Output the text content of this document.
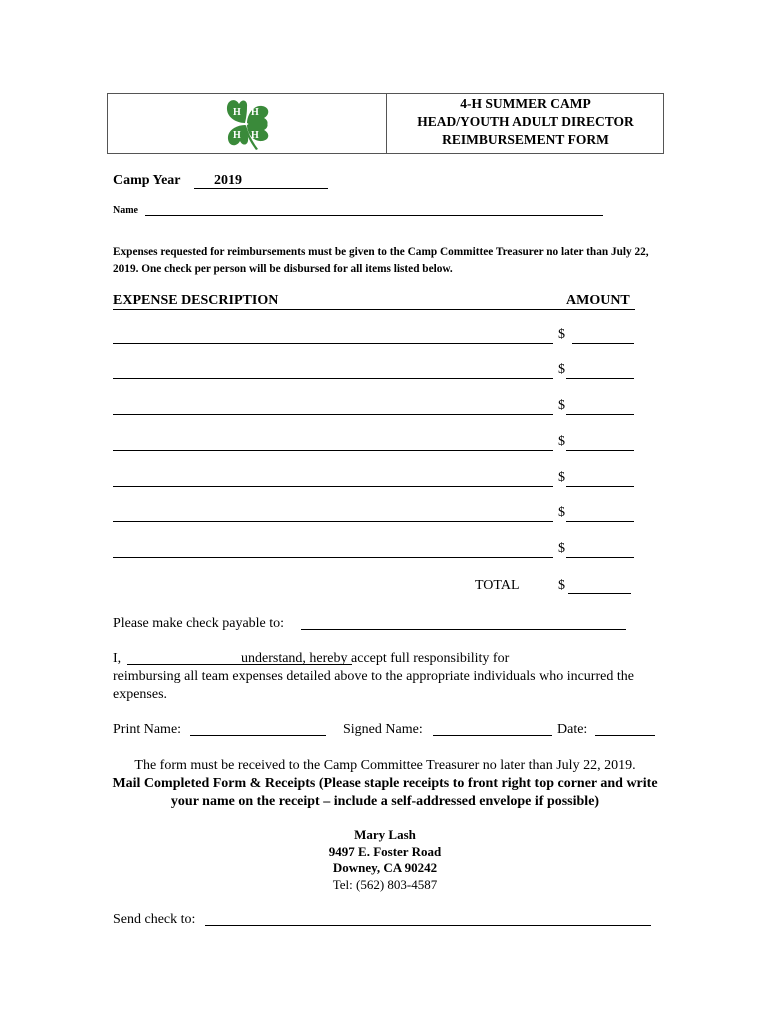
H H
H H
4-H SUMMER CAMP
HEAD/YOUTH ADULT DIRECTOR
REIMBURSEMENT FORM
Camp Year 2019
Name
Expenses requested for reimbursements must be given to the Camp Committee Treasurer no later than July 22, 2019. One check per person will be disbursed for all items listed below.
EXPENSE DESCRIPTION	AMOUNT
$
$
$
$
$
$
$
TOTAL	$
Please make check payable to:
I,	understand, hereby accept full responsibility for
reimbursing all team expenses detailed above to the appropriate individuals who incurred the expenses.
Print Name:	Signed Name:	Date:
The form must be received to the Camp Committee Treasurer no later than July 22, 2019.
Mail Completed Form & Receipts (Please staple receipts to front right top corner and write your name on the receipt – include a self-addressed envelope if possible)
Mary Lash
9497 E. Foster Road
Downey, CA 90242
Tel: (562) 803-4587
Send check to:
